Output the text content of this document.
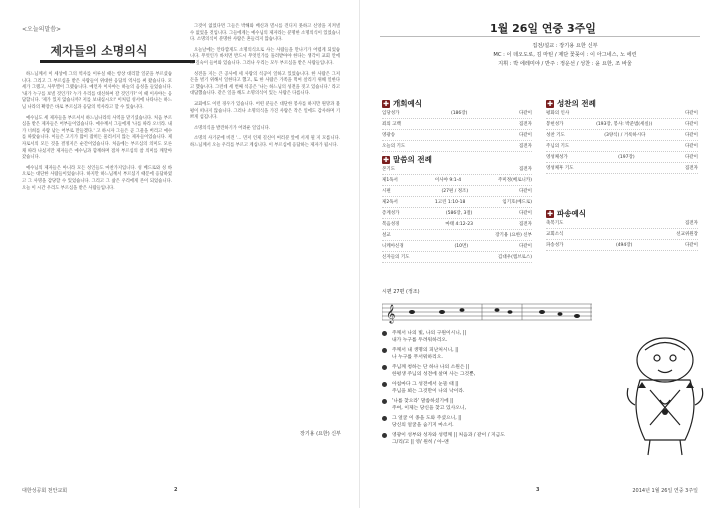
<오늘의말씀>
제자들의 소명의식

하느님께서 이 세상에 그의 역사를 이루실 때는 항상 대리할 일꾼을 부르셨습니다. 그리고 그 부르심을 받은 사람들이 위대한 응답의 역사를 써 왔습니다. 모세가 그랬고, 사무엘이 그랬습니다. 예언자 이사야는 하늘의 음성을 들었습니다. '내가 누구를 보낼 것인가? 누가 우리를 대신하여 갈 것인가?' 이 때 이사야는 응답합니다. '제가 있지 않습니까? 저를 보내십시오!' 이처럼 성서에 나타나는 하느님 나라의 확장은 바로 부르심과 응답의 역사라고 할 수 있습니다.

예수님도 세 제자들을 부르셔서 하느님나라의 사역을 맡기셨습니다. 처음 부르심을 받은 제자들은 어부들이었습니다. 예수께서 그들에게 '나를 따라 오너라. 내가 너희를 사람 낚는 어부로 만들겠다.' 고 하시자 그들은 곧 그물을 버리고 예수를 따랐습니다. 이들은 고기가 많이 잡히든 물러서지 않는 제자들이었습니다. 제자로서의 모든 것을 결정지은 순간이었습니다. 처음에는 부르심의 의미도 모른 채 따라 나섰지만 제자들은 예수님과 함께하며 점차 부르심의 참 의미를 깨달아 갔습니다.

예수님의 제자들은 아니라 모든 성인들도 마찬가지입니다. 성 베드로와 성 바오로는 대단한 사람들이었습니다. 하지만 하느님께서 부르셨기 때문에 응답하였고 그 사명을 감당할 수 있었습니다. 그리고 그 삶은 우리에게 본이 되었습니다. 오늘 이 시간 우리도 부르심을 받은 사람들입니다.

그것이 없었다면 그들은 박해와 배신과 멸시를 견디지 못하고 신앙을 지켜낼 수 없었을 것입니다. 그들에게는 예수님의 제자라는 분명한 소명의식이 있었습니다. 소명의식이 분명한 사람은 흔들리지 않습니다.

오늘날에는 안타깝게도 소명의식으로 사는 사람들을 만나기가 어렵게 되었습니다. 무엇인가 바치면 반드시 무엇인가를 돌려받아야 한다는 생각이 교회 안에도 깊숙이 들어와 있습니다. 그러나 우리는 모두 부르심을 받은 사람들입니다.

성전을 지는 큰 공사에 세 사람의 석공이 일하고 있었습니다. 한 사람은 그저 돈을 벌기 위해서 일한다고 했고, 또 한 사람은 가족을 먹여 살리기 위해 일한다고 했습니다. 그런데 세 번째 석공은 '나는 하느님의 성전을 짓고 있습니다.' 라고 대답했습니다. 같은 일을 해도 소명의식이 있는 사람은 다릅니다.

교회에도 이런 경우가 있습니다. 어떤 분들은 대단한 봉사를 하지만 원망과 불평이 떠나지 않습니다. 그러나 소명의식을 가진 사람은 작은 일에도 감사하며 기쁘게 섬깁니다.

소명의식을 발견하기가 어려운 일입니다.

소명의 사기꾼에 비견 '... 먼저 언제 길신이 여러분 앞에 서게 될 지 모릅니다. 하느님께서 오늘 우리를 부르고 계십니다. 이 부르심에 응답하는 제자가 됩시다.

장기용 (요한) 신부
대한성공회 천안교회	2
1월 26일 연중 3주일
집전/설교 : 장기용 요한 신부
MC : 이 데오도로, 김 마틴 / 제단 꽃꽂이 : 이 아그네스, 노 에린
지휘 : 박 에레미야 / 반주 : 정운선 / 성찬 : 윤 요한, 조 바울
✚ 개회예식
입당성가	(186장)	다같이
죄의 고백	집전자
영광송	다같이
오늘의 기도	집전자
✚ 말씀의 전례
본기도	집전자
제1독서	이사야 9:1-4	주미정(베로니카)
시편	(27편 / 정조)	다같이
제2독서	1고린 1:10-18	임기호(베드로)
층계성가	(586장, 3절)	다같이
복음성경	마태 4:12-23	집전자
설교	장기용 (요한) 신부
니케아신경	(10면)	다같이
신자들의 기도	김대우(엠브로스)
✚ 성찬의 전례
평화의 인사	다같이
봉헌성가	(193장, 봉사: 박준범(세실))	다같이
성찬 기도	(3양식) / 거룩하시다	다같이
주님의 기도	다같이
영성체성가	(197장)	다같이
영성체후 기도	집전자
✚ 파송예식
축복기도	집전자
교회소식	선교위원장
파송성가	(494장)	다같이
시편 27편 (정조)
𝄞
주께서 나의 빛, 나의 구원이시니, ||
내가 누구를 두려워하리오.
주께서 내 생명의 피난처시니, ||
나 누구를 무서워하리오.
주님께 청하는 단 하나 나의 소원은 ||
한평생 주님의 성전에 살며 사는 그것뿐,
아침마다 그 성전에서 눈뜰 때 ||
주님을 뵈는 그것만이 나의 낙이라.
'나를 찾으라' 말씀하셨기에 ||
주여, 이제는 당신을 찾고 있사오니,
그 얼굴 이 종을 도와 주셨으니, ||
당신의 얼굴을 숨기지 마소서.
영광이 성부와 성자와 성령께 || 처음과 / 같이 / 지금도
그/리/고 || 영/ 원히 / 아–멘
3	2014년 1월 26일 연중 3주일
